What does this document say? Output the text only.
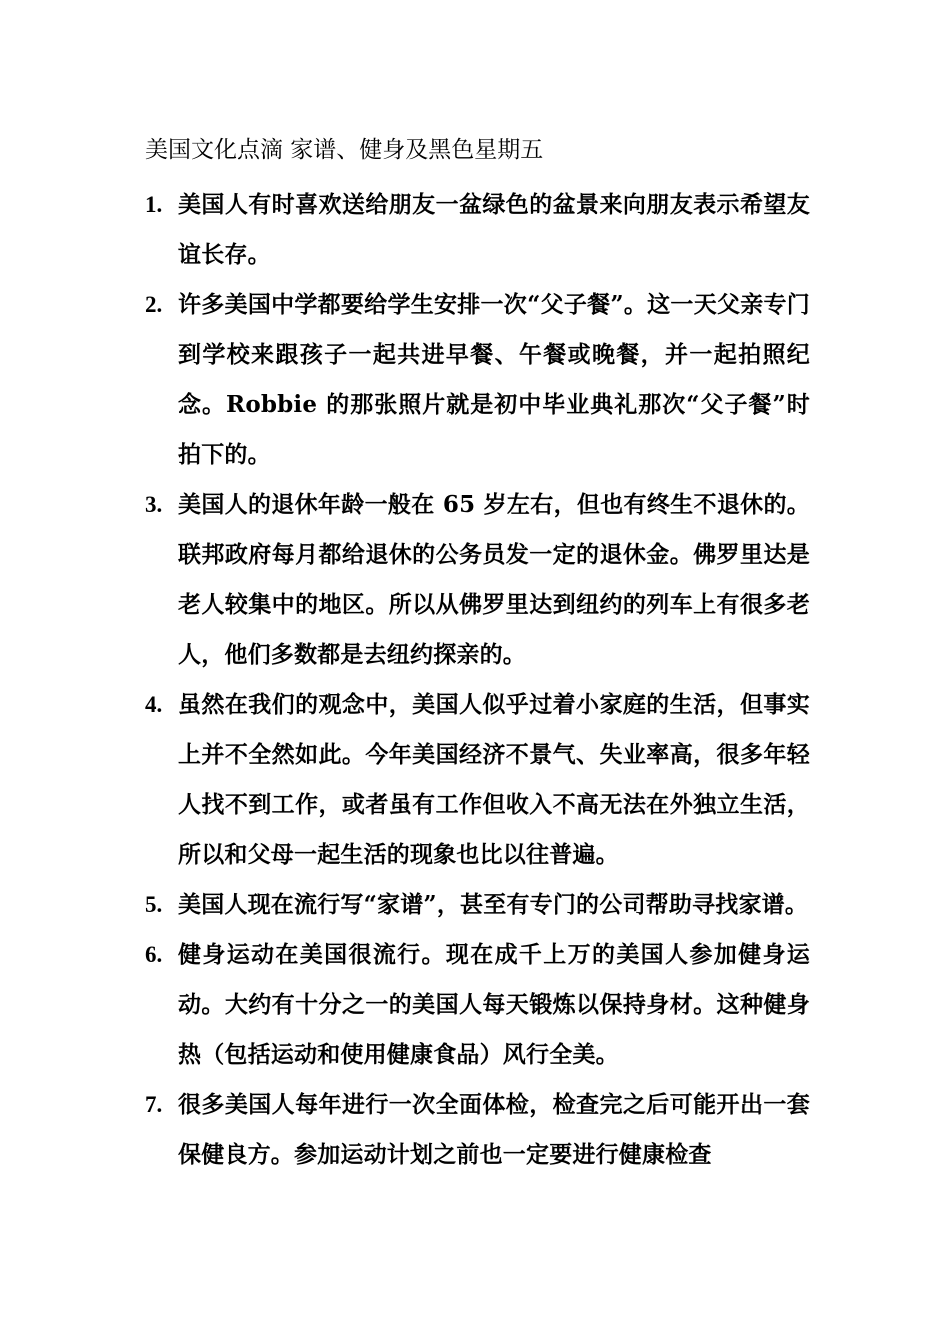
美国文化点滴 家谱、健身及黑色星期五
1. 美国人有时喜欢送给朋友一盆绿色的盆景来向朋友表示希望友谊长存。
2. 许多美国中学都要给学生安排一次“父子餐”。这一天父亲专门到学校来跟孩子一起共进早餐、午餐或晚餐，并一起拍照纪念。Robbie 的那张照片就是初中毕业典礼那次“父子餐”时拍下的。
3. 美国人的退休年龄一般在 65 岁左右，但也有终生不退休的。联邦政府每月都给退休的公务员发一定的退休金。佛罗里达是老人较集中的地区。所以从佛罗里达到纽约的列车上有很多老人，他们多数都是去纽约探亲的。
4. 虽然在我们的观念中，美国人似乎过着小家庭的生活，但事实上并不全然如此。今年美国经济不景气、失业率高，很多年轻人找不到工作，或者虽有工作但收入不高无法在外独立生活，所以和父母一起生活的现象也比以往普遍。
5. 美国人现在流行写“家谱”，甚至有专门的公司帮助寻找家谱。
6. 健身运动在美国很流行。现在成千上万的美国人参加健身运动。大约有十分之一的美国人每天锻炼以保持身材。这种健身热（包括运动和使用健康食品）风行全美。
7. 很多美国人每年进行一次全面体检，检查完之后可能开出一套保健良方。参加运动计划之前也一定要进行健康检查
